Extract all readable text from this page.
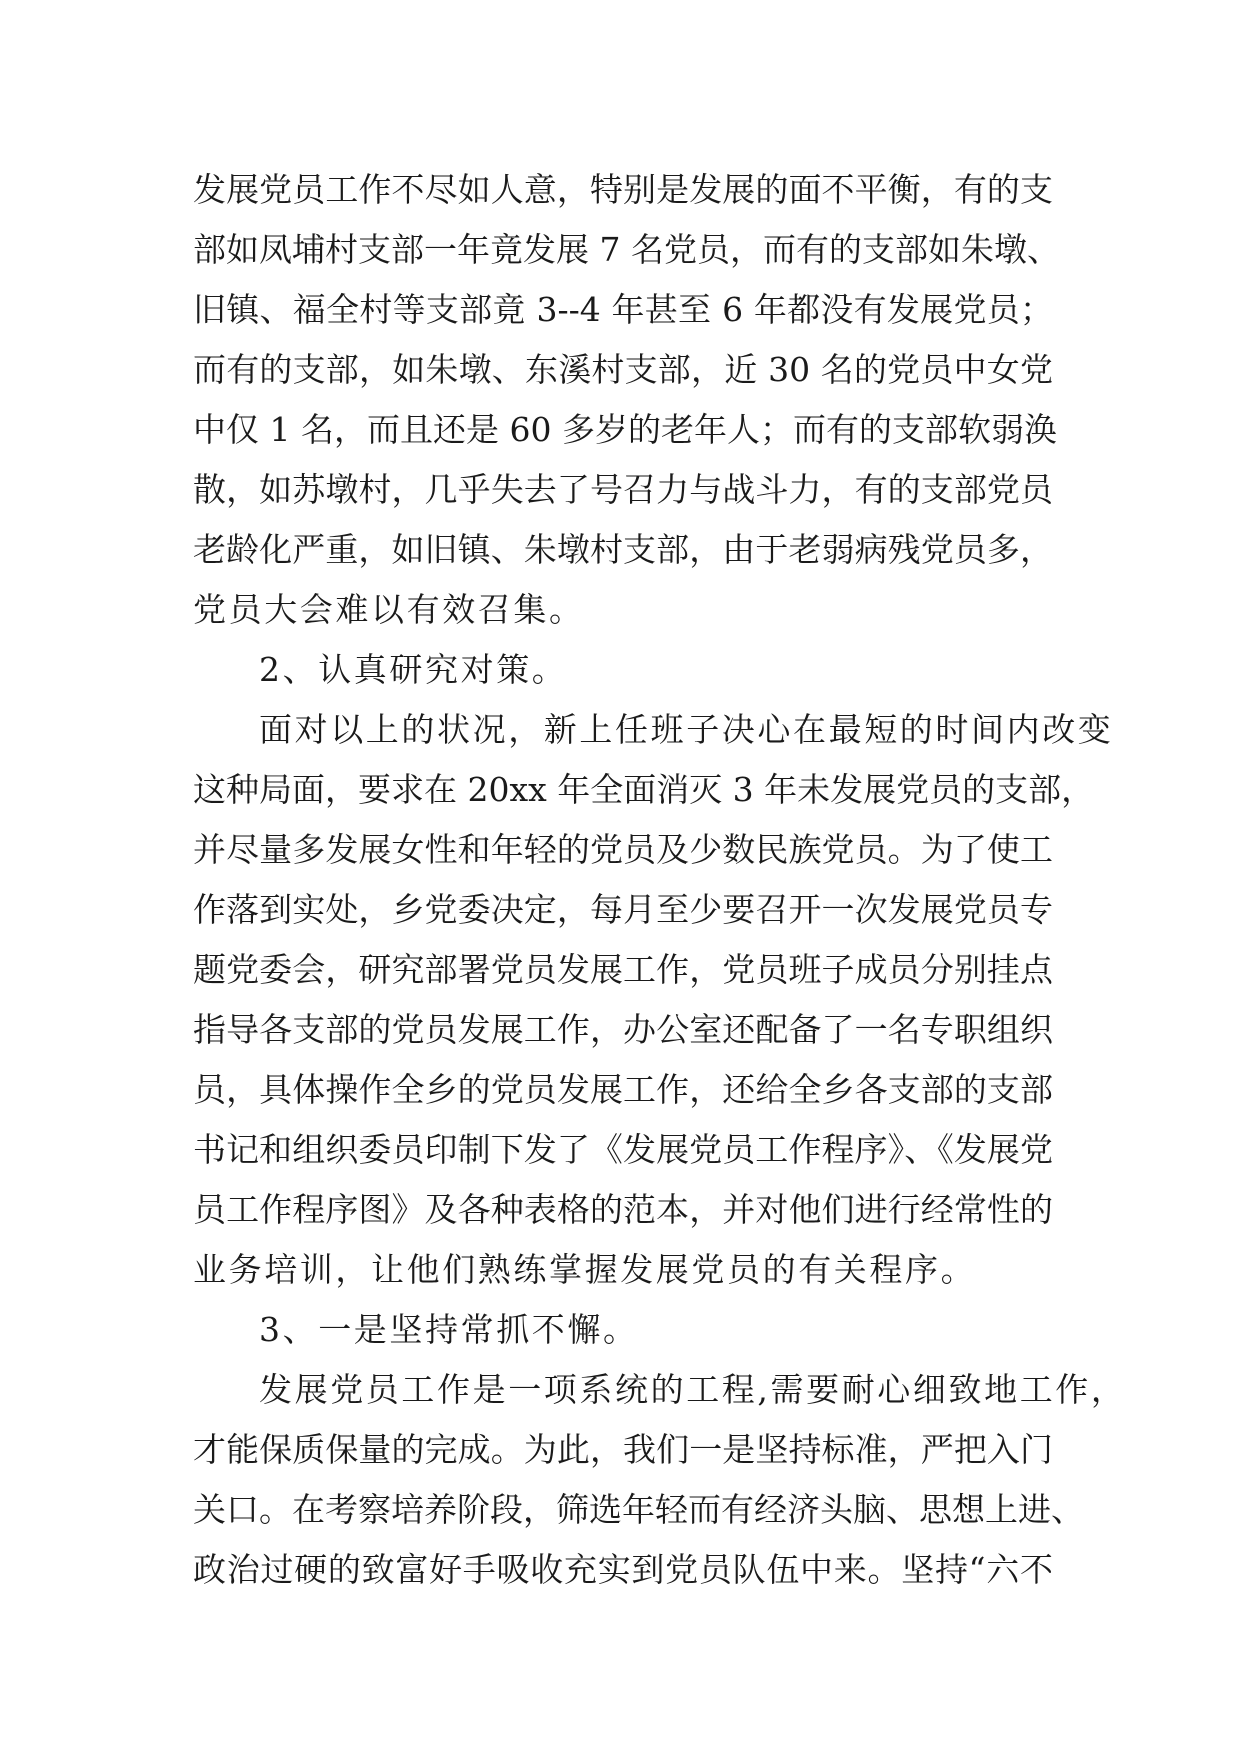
发展党员工作不尽如人意，特别是发展的面不平衡，有的支
部如凤埔村支部一年竟发展 7 名党员，而有的支部如朱墩、
旧镇、福全村等支部竟 3--4 年甚至 6 年都没有发展党员；
而有的支部，如朱墩、东溪村支部，近 30 名的党员中女党
中仅 1 名，而且还是 60 多岁的老年人；而有的支部软弱涣
散，如苏墩村，几乎失去了号召力与战斗力，有的支部党员
老龄化严重，如旧镇、朱墩村支部，由于老弱病残党员多，
党员大会难以有效召集。
2、认真研究对策。
面对以上的状况，新上任班子决心在最短的时间内改变
这种局面，要求在 20xx 年全面消灭 3 年未发展党员的支部，
并尽量多发展女性和年轻的党员及少数民族党员。为了使工
作落到实处，乡党委决定，每月至少要召开一次发展党员专
题党委会，研究部署党员发展工作，党员班子成员分别挂点
指导各支部的党员发展工作，办公室还配备了一名专职组织
员，具体操作全乡的党员发展工作，还给全乡各支部的支部
书记和组织委员印制下发了《发展党员工作程序》、《发展党
员工作程序图》及各种表格的范本，并对他们进行经常性的
业务培训，让他们熟练掌握发展党员的有关程序。
3、一是坚持常抓不懈。
发展党员工作是一项系统的工程,需要耐心细致地工作，
才能保质保量的完成。为此，我们一是坚持标准，严把入门
关口。在考察培养阶段，筛选年轻而有经济头脑、思想上进、
政治过硬的致富好手吸收充实到党员队伍中来。坚持“六不
